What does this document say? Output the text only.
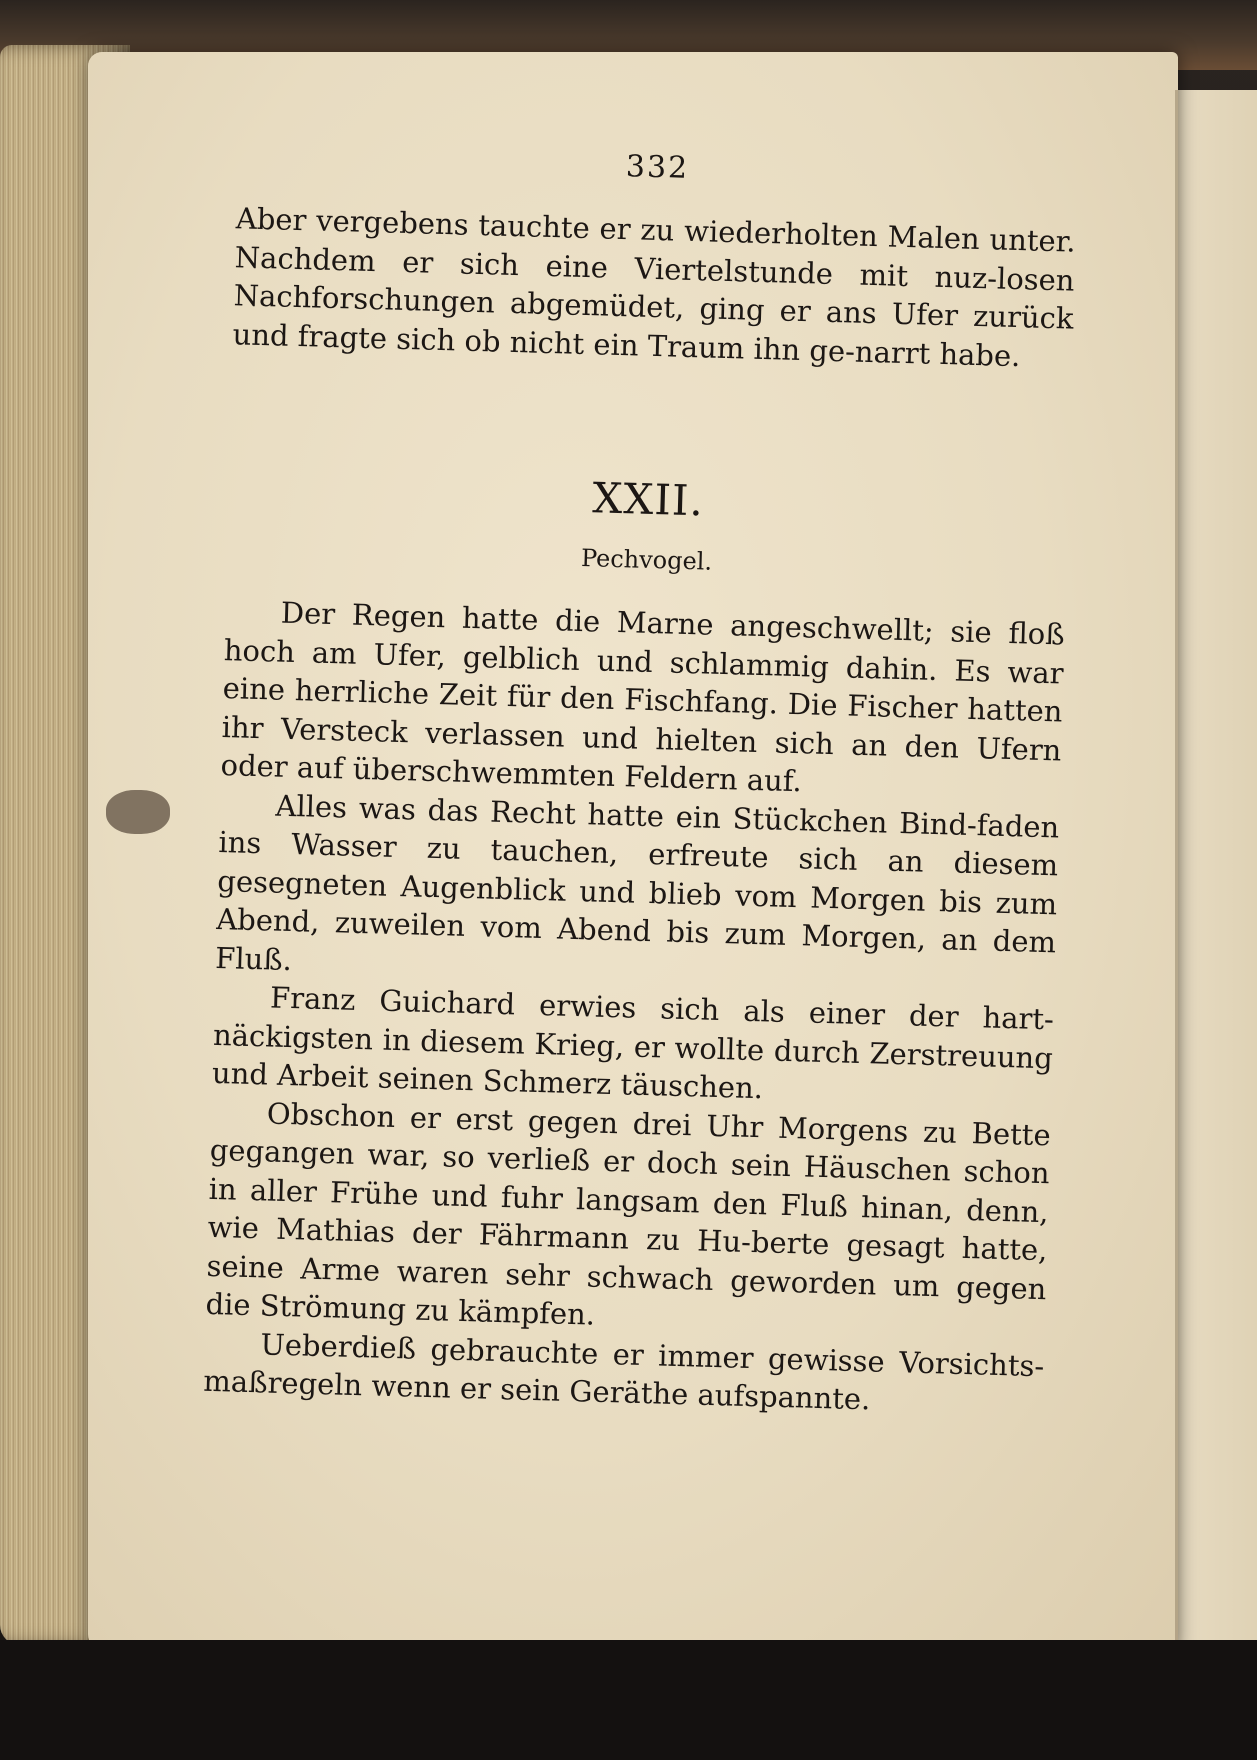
332

Aber vergebens tauchte er zu wiederholten Malen unter. Nachdem er sich eine Viertelstunde mit nuz-losen Nachforschungen abgemüdet, ging er ans Ufer zurück und fragte sich ob nicht ein Traum ihn ge-narrt habe.

XXII.
Pechvogel.

Der Regen hatte die Marne angeschwellt; sie floß hoch am Ufer, gelblich und schlammig dahin. Es war eine herrliche Zeit für den Fischfang. Die Fischer hatten ihr Versteck verlassen und hielten sich an den Ufern oder auf überschwemmten Feldern auf.

Alles was das Recht hatte ein Stückchen Bind-faden ins Wasser zu tauchen, erfreute sich an diesem gesegneten Augenblick und blieb vom Morgen bis zum Abend, zuweilen vom Abend bis zum Morgen, an dem Fluß.

Franz Guichard erwies sich als einer der hart-näckigsten in diesem Krieg, er wollte durch Zerstreuung und Arbeit seinen Schmerz täuschen.

Obschon er erst gegen drei Uhr Morgens zu Bette gegangen war, so verließ er doch sein Häuschen schon in aller Frühe und fuhr langsam den Fluß hinan, denn, wie Mathias der Fährmann zu Hu-berte gesagt hatte, seine Arme waren sehr schwach geworden um gegen die Strömung zu kämpfen.

Ueberdieß gebrauchte er immer gewisse Vorsichts-maßregeln wenn er sein Geräthe aufspannte.
